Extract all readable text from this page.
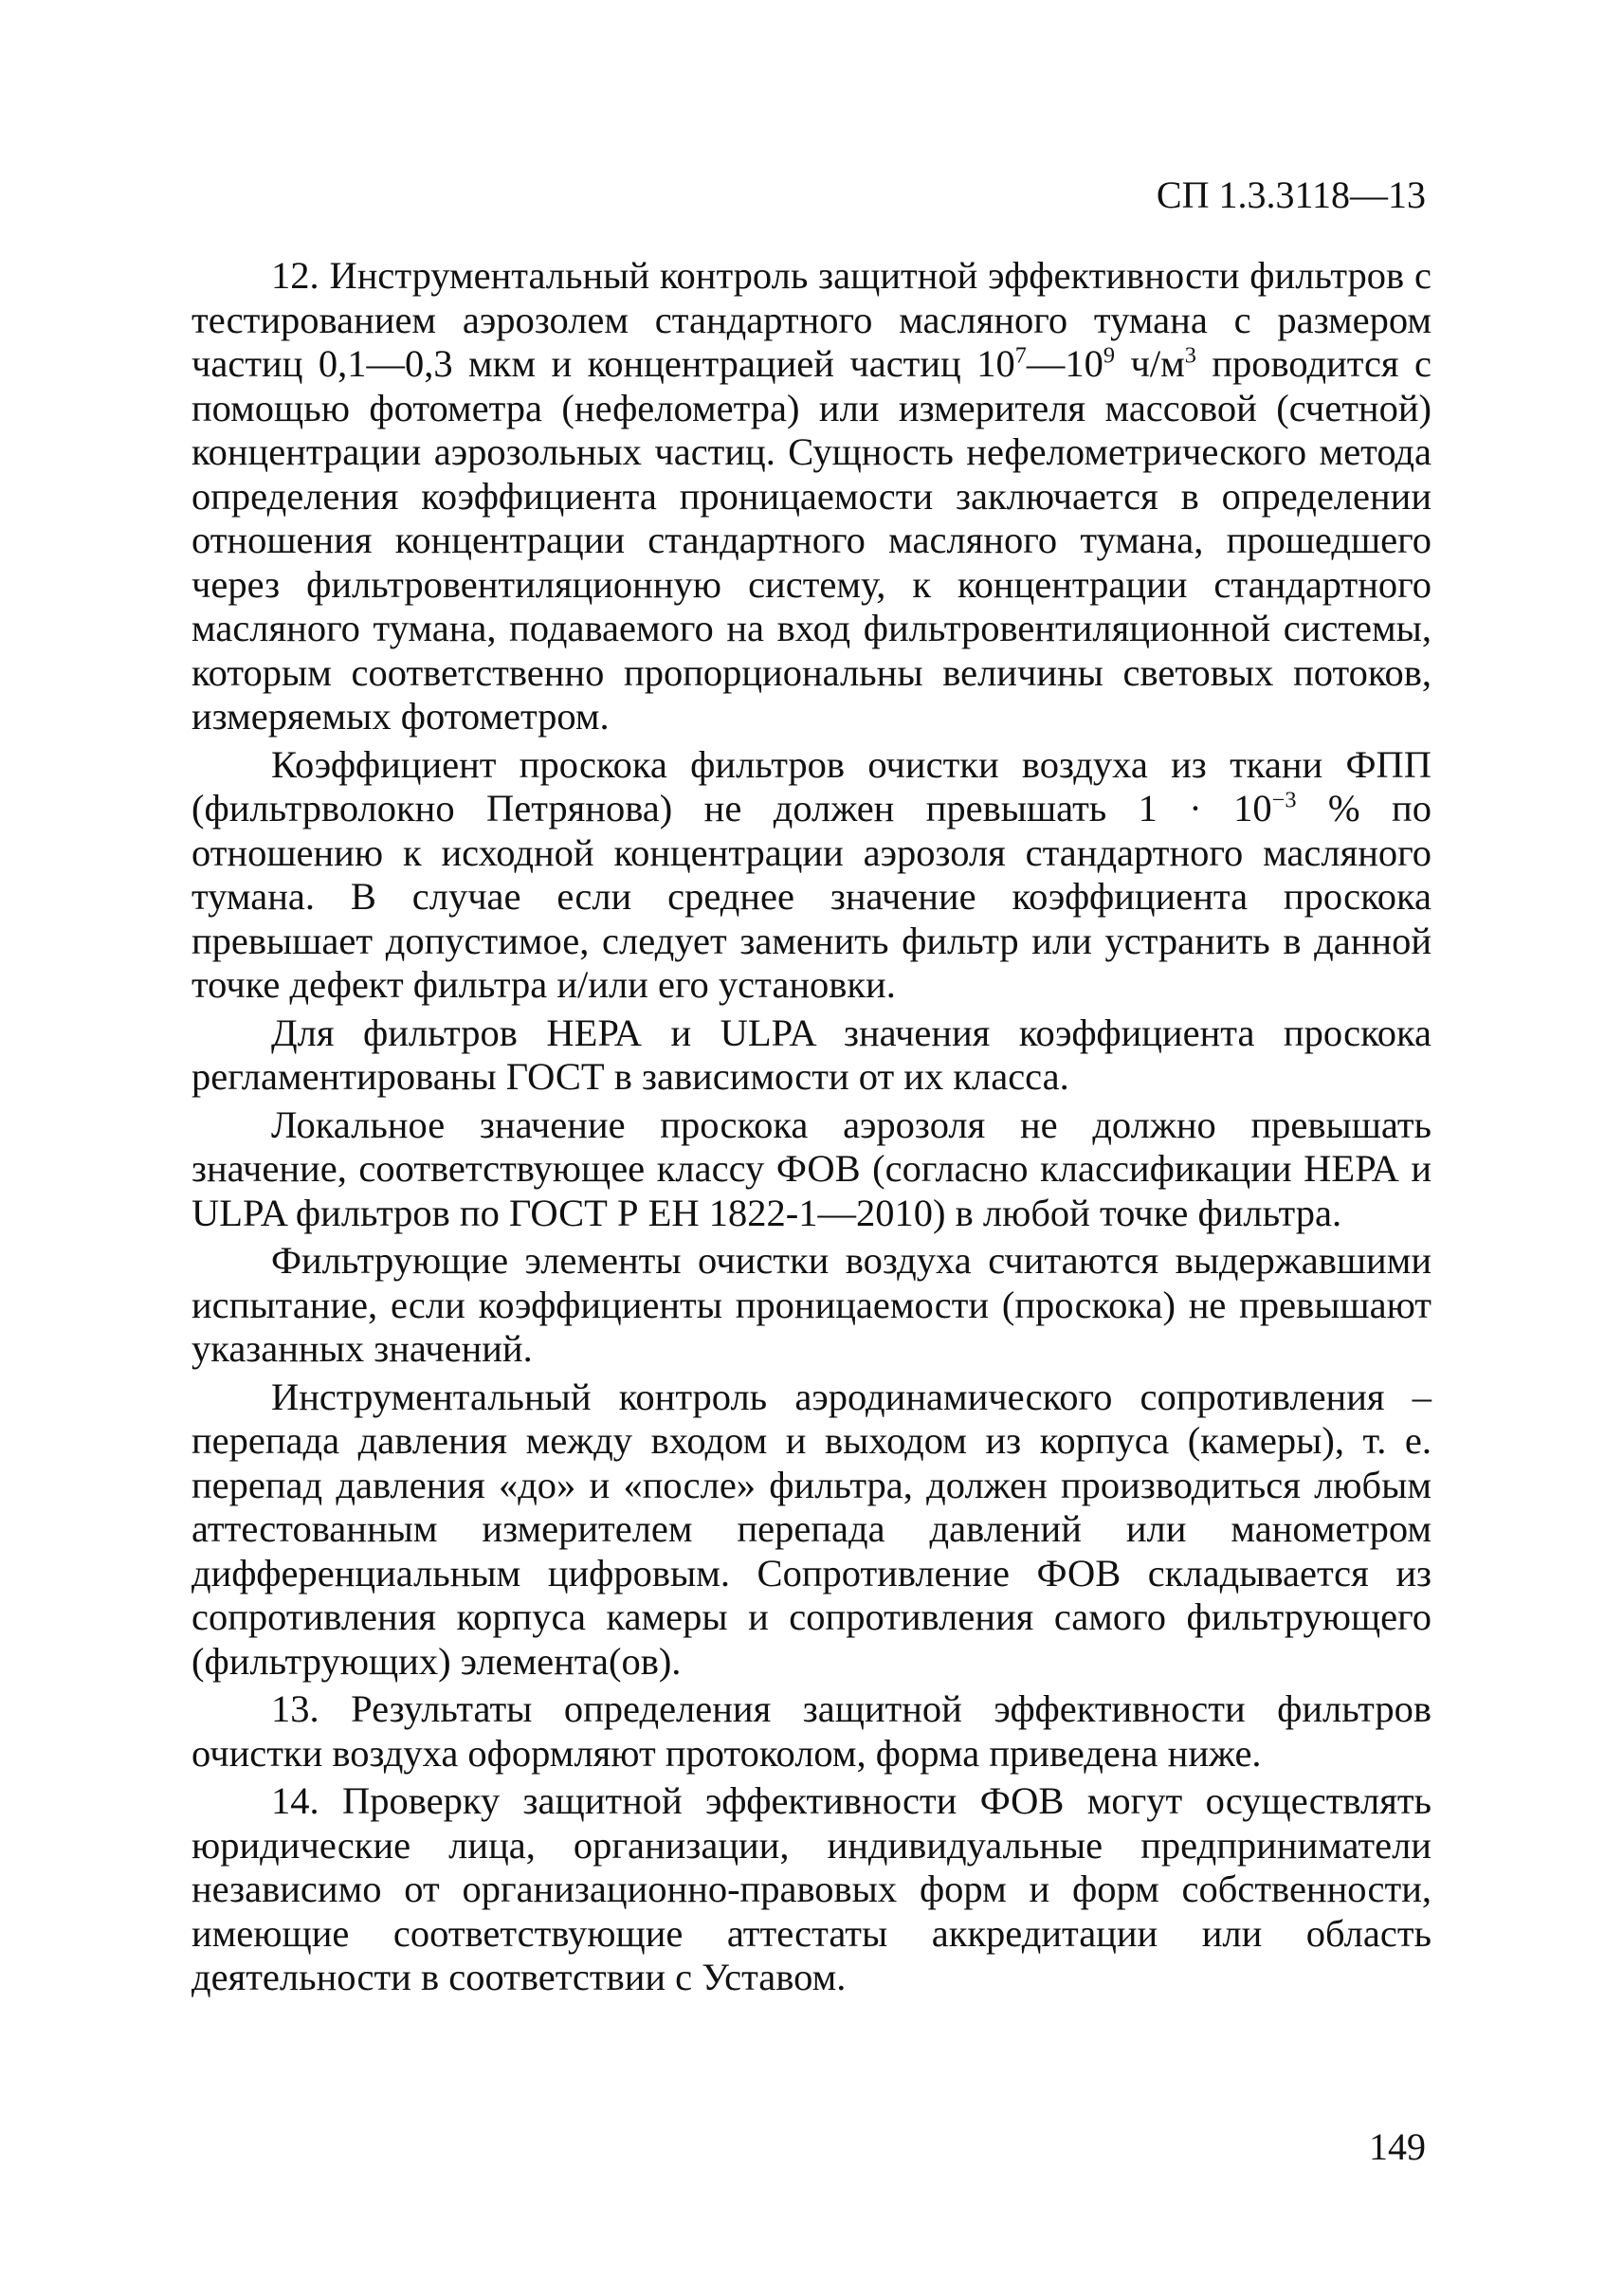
СП 1.3.3118—13

12. Инструментальный контроль защитной эффективности фильтров с тестированием аэрозолем стандартного масляного тумана с размером частиц 0,1—0,3 мкм и концентрацией частиц $10^7—10^9$ $ч/м^3$ проводится с помощью фотометра (нефелометра) или измерителя массовой (счетной) концентрации аэрозольных частиц. Сущность нефелометрического метода определения коэффициента проницаемости заключается в определении отношения концентрации стандартного масляного тумана, прошедшего через фильтровентиляционную систему, к концентрации стандартного масляного тумана, подаваемого на вход фильтровентиляционной системы, которым соответственно пропорциональны величины световых потоков, измеряемых фотометром.

Коэффициент проскока фильтров очистки воздуха из ткани ФПП (фильтрволокно Петрянова) не должен превышать $1 \cdot 10^{-3}$ % по отношению к исходной концентрации аэрозоля стандартного масляного тумана. В случае если среднее значение коэффициента проскока превышает допустимое, следует заменить фильтр или устранить в данной точке дефект фильтра и/или его установки.

Для фильтров НЕРА и ULPA значения коэффициента проскока регламентированы ГОСТ в зависимости от их класса.

Локальное значение проскока аэрозоля не должно превышать значение, соответствующее классу ФОВ (согласно классификации НЕРА и ULPA фильтров по ГОСТ Р ЕН 1822-1—2010) в любой точке фильтра.

Фильтрующие элементы очистки воздуха считаются выдержавшими испытание, если коэффициенты проницаемости (проскока) не превышают указанных значений.

Инструментальный контроль аэродинамического сопротивления – перепада давления между входом и выходом из корпуса (камеры), т. е. перепад давления «до» и «после» фильтра, должен производиться любым аттестованным измерителем перепада давлений или манометром дифференциальным цифровым. Сопротивление ФОВ складывается из сопротивления корпуса камеры и сопротивления самого фильтрующего (фильтрующих) элемента(ов).

13. Результаты определения защитной эффективности фильтров очистки воздуха оформляют протоколом, форма приведена ниже.

14. Проверку защитной эффективности ФОВ могут осуществлять юридические лица, организации, индивидуальные предприниматели независимо от организационно-правовых форм и форм собственности, имеющие соответствующие аттестаты аккредитации или область деятельности в соответствии с Уставом.

149
